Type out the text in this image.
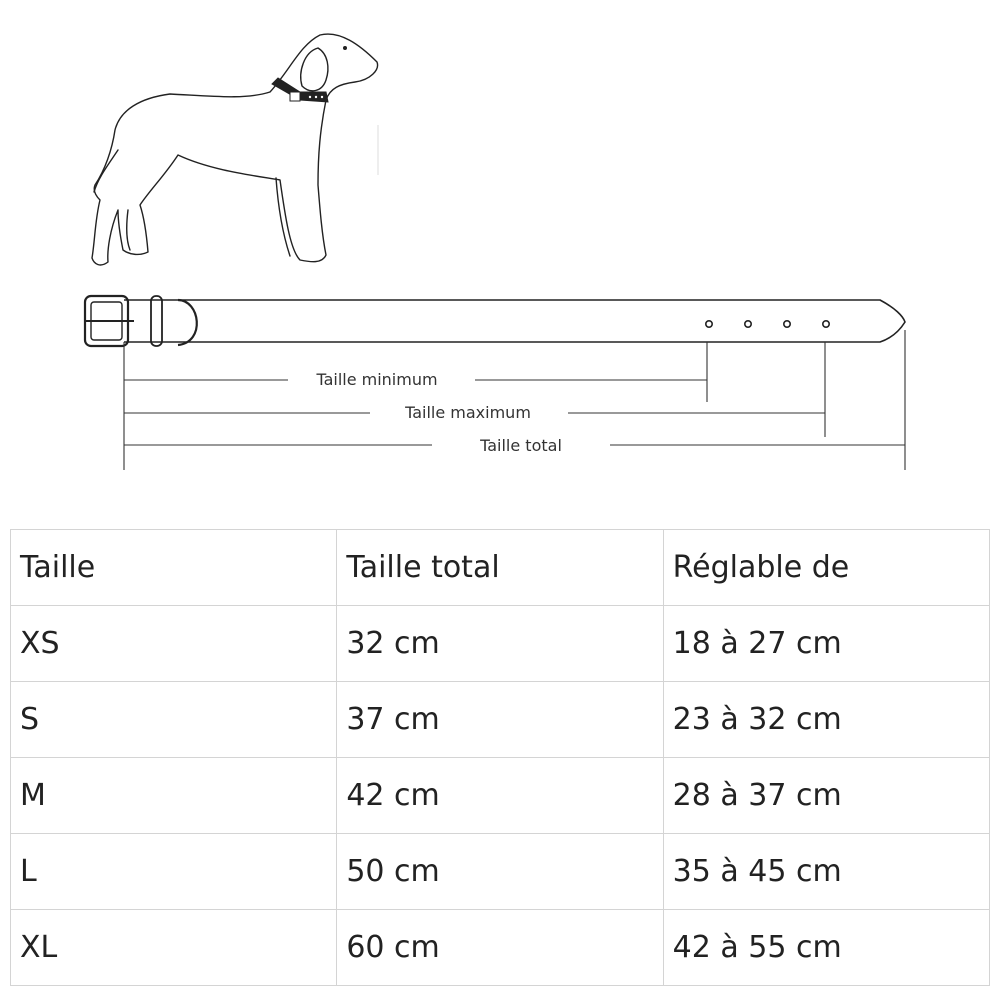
Taille minimum
Taille maximum
Taille total
Taille	Taille total	Réglable de
XS	32 cm	18 à 27 cm
S	37 cm	23 à 32 cm
M	42 cm	28 à 37 cm
L	50 cm	35 à 45 cm
XL	60 cm	42 à 55 cm
